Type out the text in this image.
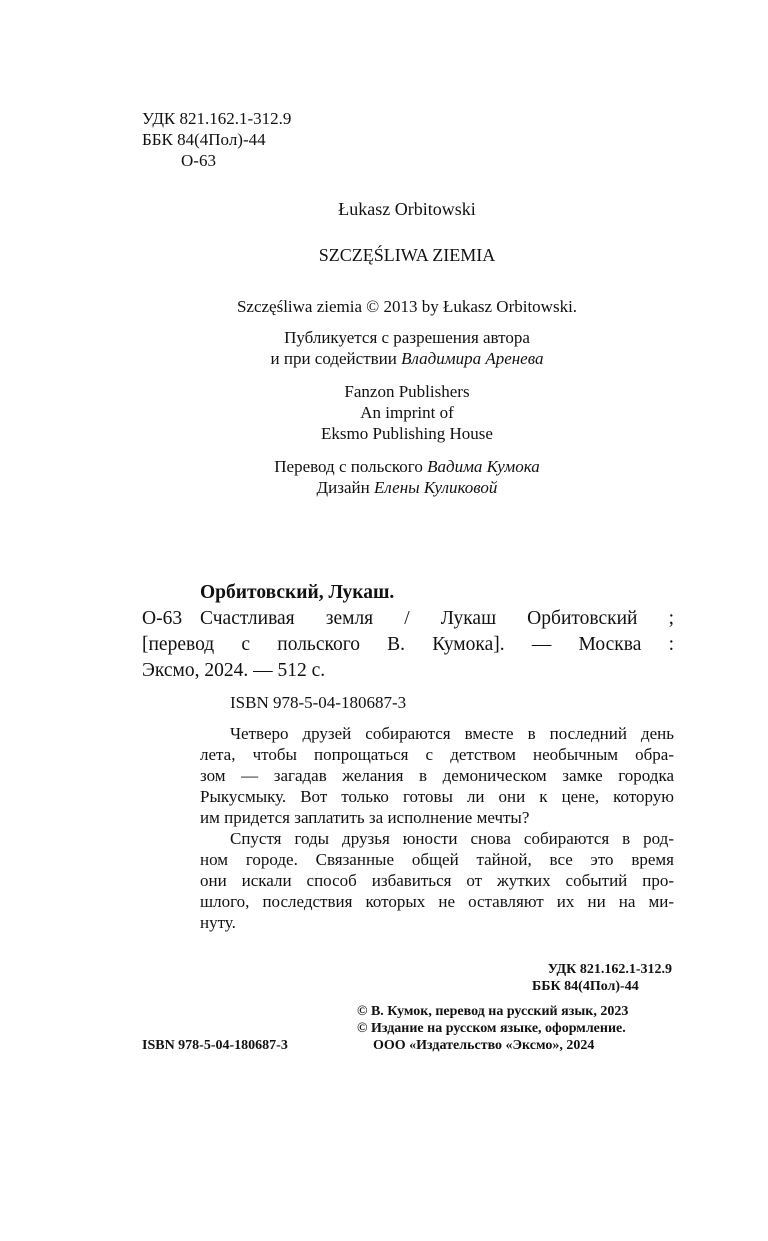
УДК 821.162.1-312.9
ББК 84(4Пол)-44
О-63
Łukasz Orbitowski
SZCZĘŚLIWA ZIEMIA
Szczęśliwa ziemia © 2013 by Łukasz Orbitowski.
Публикуется с разрешения автора
и при содействии Владимира Аренева
Fanzon Publishers
An imprint of
Eksmo Publishing House
Перевод с польского Вадима Кумока
Дизайн Елены Куликовой
Орбитовский, Лукаш.
О-63 Счастливая земля / Лукаш Орбитовский ;
[перевод с польского В. Кумока]. — Москва :
Эксмо, 2024. — 512 с.
ISBN 978-5-04-180687-3
Четверо друзей собираются вместе в последний день
лета, чтобы попрощаться с детством необычным обра-
зом — загадав желания в демоническом замке городка
Рыкусмыку. Вот только готовы ли они к цене, которую
им придется заплатить за исполнение мечты?
Спустя годы друзья юности снова собираются в род-
ном городе. Связанные общей тайной, все это время
они искали способ избавиться от жутких событий про-
шлого, последствия которых не оставляют их ни на ми-
нуту.
УДК 821.162.1-312.9
ББК 84(4Пол)-44
ISBN 978-5-04-180687-3
© В. Кумок, перевод на русский язык, 2023
© Издание на русском языке, оформление.
ООО «Издательство «Эксмо», 2024
